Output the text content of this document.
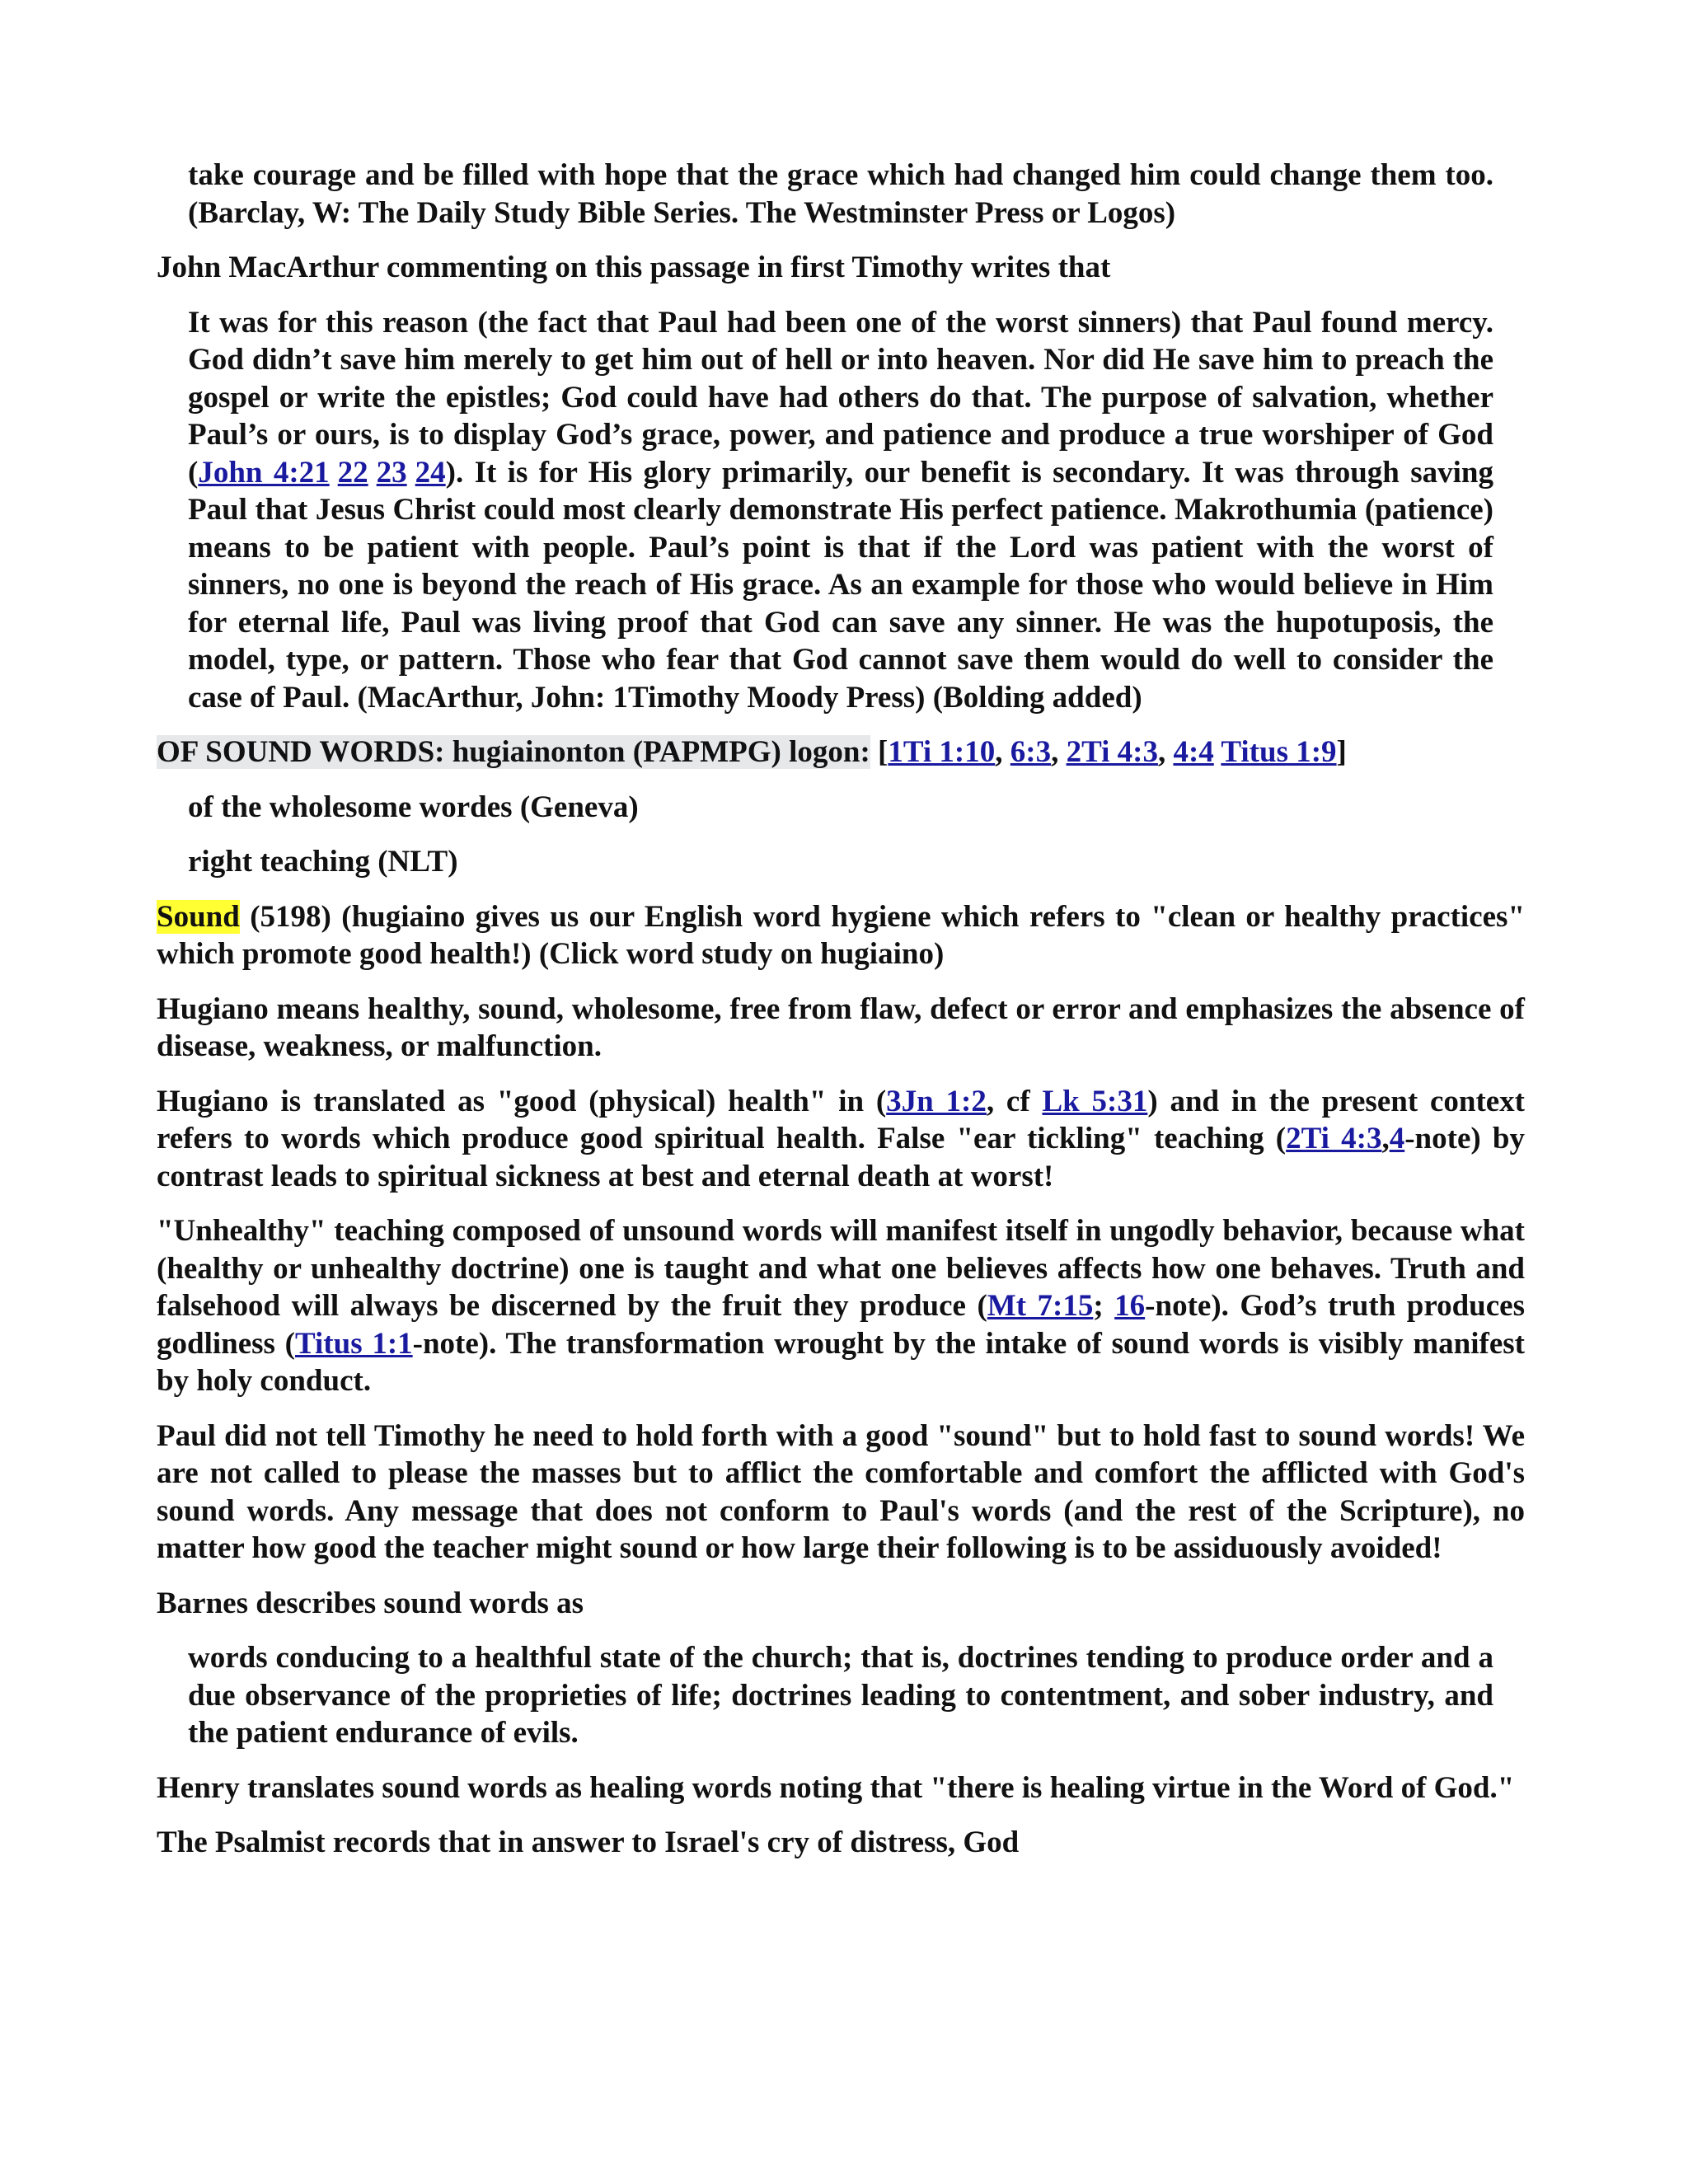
take courage and be filled with hope that the grace which had changed him could change them too. (Barclay, W: The Daily Study Bible Series. The Westminster Press or Logos)

John MacArthur commenting on this passage in first Timothy writes that

It was for this reason (the fact that Paul had been one of the worst sinners) that Paul found mercy. God didn’t save him merely to get him out of hell or into heaven. Nor did He save him to preach the gospel or write the epistles; God could have had others do that. The purpose of salvation, whether Paul’s or ours, is to display God’s grace, power, and patience and produce a true worshiper of God (John 4:21 22 23 24). It is for His glory primarily, our benefit is secondary. It was through saving Paul that Jesus Christ could most clearly demonstrate His perfect patience. Makrothumia (patience) means to be patient with people. Paul’s point is that if the Lord was patient with the worst of sinners, no one is beyond the reach of His grace. As an example for those who would believe in Him for eternal life, Paul was living proof that God can save any sinner. He was the hupotuposis, the model, type, or pattern. Those who fear that God cannot save them would do well to consider the case of Paul. (MacArthur, John: 1Timothy Moody Press) (Bolding added)

OF SOUND WORDS: hugiainonton (PAPMPG) logon: [1Ti 1:10, 6:3, 2Ti 4:3, 4:4 Titus 1:9]

of the wholesome wordes (Geneva)

right teaching (NLT)

Sound (5198) (hugiaino gives us our English word hygiene which refers to "clean or healthy practices" which promote good health!) (Click word study on hugiaino)

Hugiano means healthy, sound, wholesome, free from flaw, defect or error and emphasizes the absence of disease, weakness, or malfunction.

Hugiano is translated as "good (physical) health" in (3Jn 1:2, cf Lk 5:31) and in the present context refers to words which produce good spiritual health. False "ear tickling" teaching (2Ti 4:3,4-note) by contrast leads to spiritual sickness at best and eternal death at worst!

"Unhealthy" teaching composed of unsound words will manifest itself in ungodly behavior, because what (healthy or unhealthy doctrine) one is taught and what one believes affects how one behaves. Truth and falsehood will always be discerned by the fruit they produce (Mt 7:15; 16-note). God’s truth produces godliness (Titus 1:1-note). The transformation wrought by the intake of sound words is visibly manifest by holy conduct.

Paul did not tell Timothy he need to hold forth with a good "sound" but to hold fast to sound words! We are not called to please the masses but to afflict the comfortable and comfort the afflicted with God's sound words. Any message that does not conform to Paul's words (and the rest of the Scripture), no matter how good the teacher might sound or how large their following is to be assiduously avoided!

Barnes describes sound words as

words conducing to a healthful state of the church; that is, doctrines tending to produce order and a due observance of the proprieties of life; doctrines leading to contentment, and sober industry, and the patient endurance of evils.

Henry translates sound words as healing words noting that "there is healing virtue in the Word of God."

The Psalmist records that in answer to Israel's cry of distress, God
